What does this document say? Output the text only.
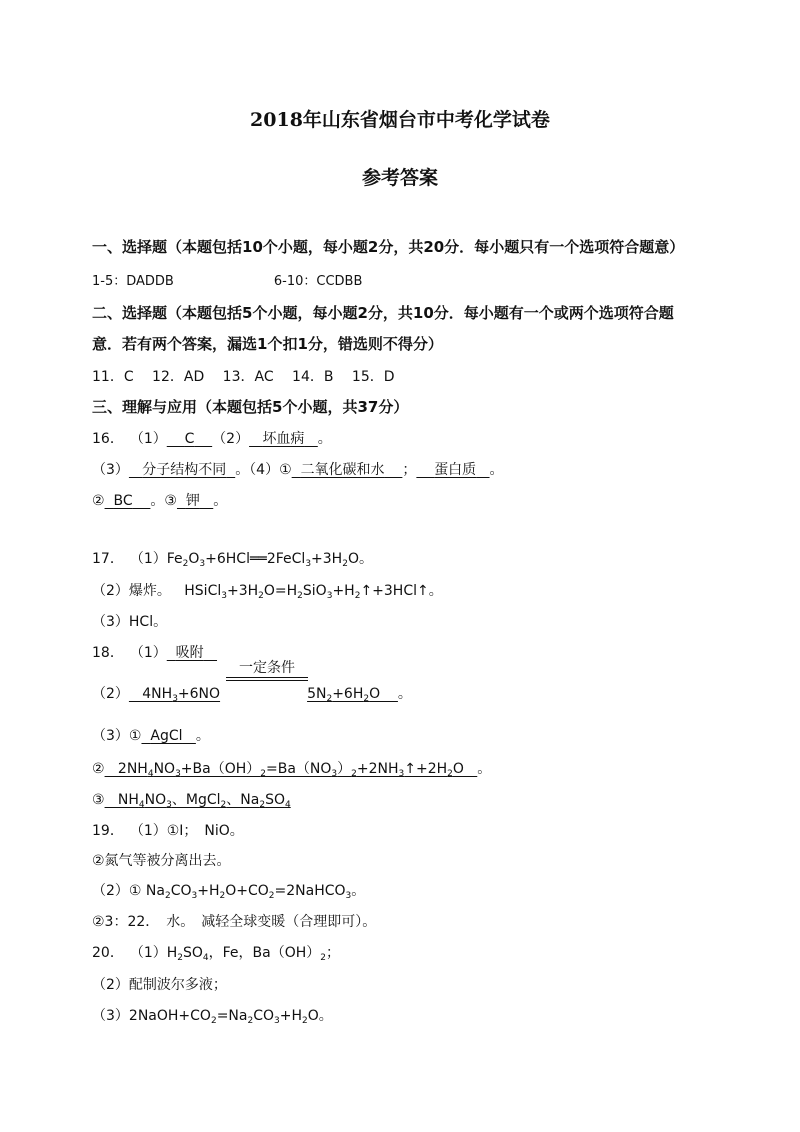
2018年山东省烟台市中考化学试卷
参考答案
一、选择题（本题包括10个小题，每小题2分，共20分．每小题只有一个选项符合题意）
1-5：DADDB	6-10：CCDBB
二、选择题（本题包括5个小题，每小题2分，共10分．每小题有一个或两个选项符合题
意．若有两个答案，漏选1个扣1分，错选则不得分）
11．C 12．AD 13．AC 14．B 15．D
三、理解与应用（本题包括5个小题，共37分）
16． （1） C （2） 坏血病 。
（3） 分子结构不同 。（4）① 二氧化碳和水 ； 蛋白质 。
② BC 。③ 钾 。
17． $(1)Fe_2O_3+6HCl══2FeCl_3+3H_2O$。
（2）爆炸。   $HSiCl_3+3H_2O=H_2SiO_3+H_2↑+3HCl↑$。
（3）HCl。
18． （1） 吸附
一定条件
（2）   $4NH_3+6NO$	$5N_2+6H_2O$    。
（3）① AgCl 。
②   $2NH_4NO_3+Ba(OH)_2=Ba(NO_3)_2+2NH_3↑+2H_2O$   。
③   $NH_4NO_3$、MgCl$_2$、$Na_2SO_4$
19． （1）①I；　NiO。
②氮气等被分离出去。
（2）① $Na_2CO_3+H_2O+CO_2=2NaHCO_3$。
②3：22．　水。　减轻全球变暖（合理即可）。
20． $(1)H_2SO_4$，Fe，$Ba(OH)_2$；
（2）配制波尔多液；
$(3)2NaOH+CO_2=Na_2CO_3+H_2O$。
